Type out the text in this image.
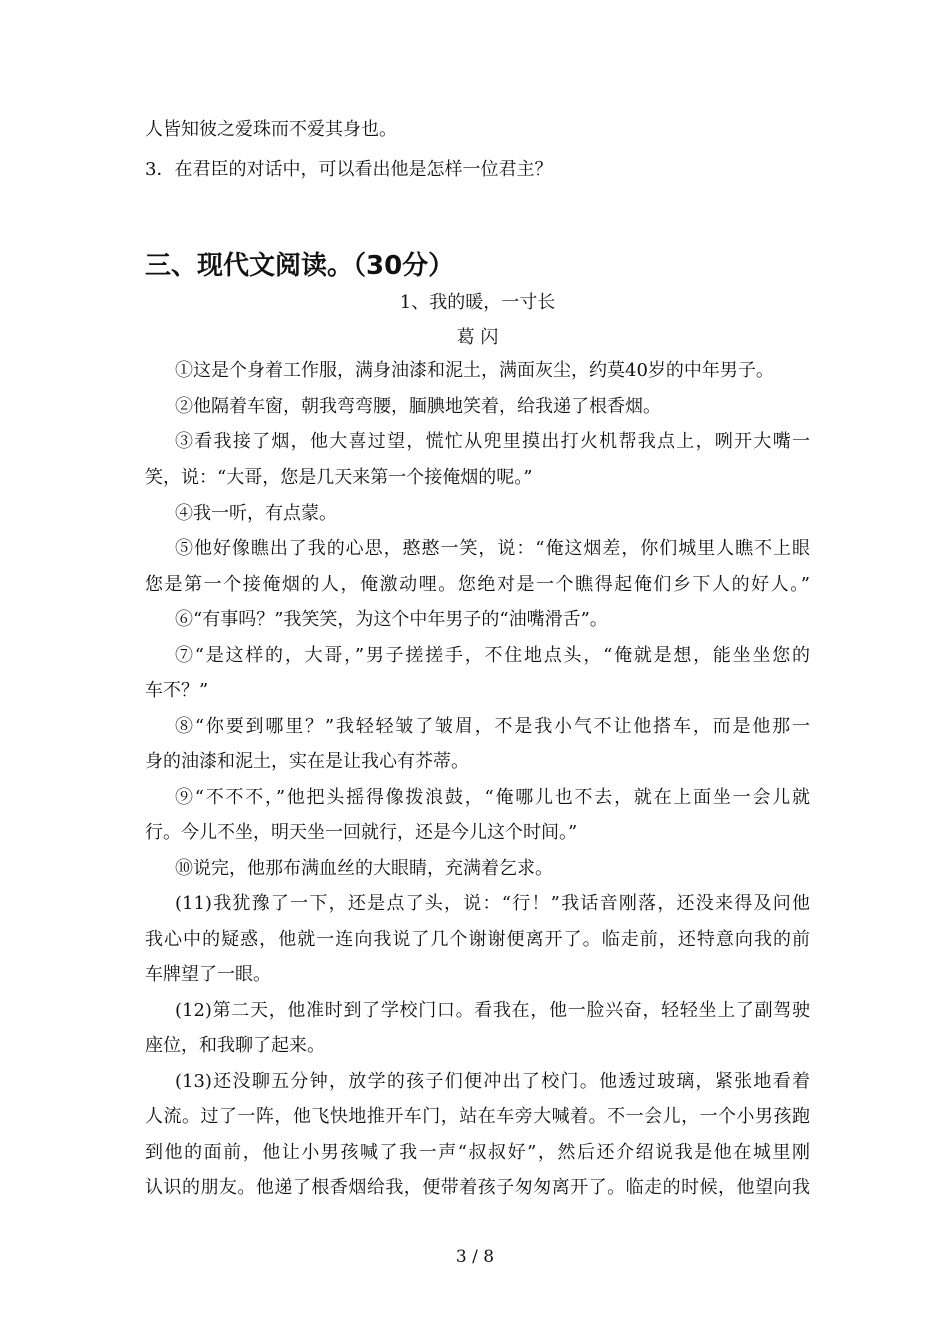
人皆知彼之爱珠而不爱其身也。
3．在君臣的对话中，可以看出他是怎样一位君主？
三、现代文阅读。（30分）
1、我的暖，一寸长
葛 闪
①这是个身着工作服，满身油漆和泥土，满面灰尘，约莫40岁的中年男子。
②他隔着车窗，朝我弯弯腰，腼腆地笑着，给我递了根香烟。
③看我接了烟，他大喜过望，慌忙从兜里摸出打火机帮我点上，咧开大嘴一
笑，说：“大哥，您是几天来第一个接俺烟的呢。”
④我一听，有点蒙。
⑤他好像瞧出了我的心思，憨憨一笑，说：“俺这烟差，你们城里人瞧不上眼
您是第一个接俺烟的人，俺激动哩。您绝对是一个瞧得起俺们乡下人的好人。”
⑥“有事吗？”我笑笑，为这个中年男子的“油嘴滑舌”。
⑦“是这样的，大哥，”男子搓搓手，不住地点头，“俺就是想，能坐坐您的
车不？”
⑧“你要到哪里？”我轻轻皱了皱眉，不是我小气不让他搭车，而是他那一
身的油漆和泥土，实在是让我心有芥蒂。
⑨“不不不，”他把头摇得像拨浪鼓，“俺哪儿也不去，就在上面坐一会儿就
行。今儿不坐，明天坐一回就行，还是今儿这个时间。”
⑩说完，他那布满血丝的大眼睛，充满着乞求。
(11)我犹豫了一下，还是点了头，说：“行！”我话音刚落，还没来得及问他
我心中的疑惑，他就一连向我说了几个谢谢便离开了。临走前，还特意向我的前
车牌望了一眼。
(12)第二天，他准时到了学校门口。看我在，他一脸兴奋，轻轻坐上了副驾驶
座位，和我聊了起来。
(13)还没聊五分钟，放学的孩子们便冲出了校门。他透过玻璃，紧张地看着
人流。过了一阵，他飞快地推开车门，站在车旁大喊着。不一会儿，一个小男孩跑
到他的面前，他让小男孩喊了我一声“叔叔好”，然后还介绍说我是他在城里刚
认识的朋友。他递了根香烟给我，便带着孩子匆匆离开了。临走的时候，他望向我
3 / 8
